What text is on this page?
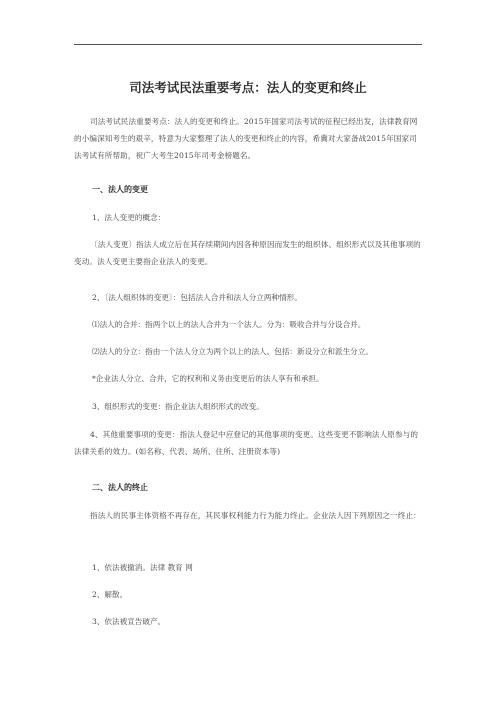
司法考试民法重要考点：法人的变更和终止
司法考试民法重要考点：法人的变更和终止。2015年国家司法考试的征程已经出发，法律教育网的小编深知考生的艰辛，特意为大家整理了法人的变更和终止的内容，希冀对大家备战2015年国家司法考试有所帮助，祝广大考生2015年司考金榜题名。
一、法人的变更
1、法人变更的概念：
〔法人变更〕指法人成立后在其存续期间内因各种原因而发生的组织体、组织形式以及其他事项的变动。法人变更主要指企业法人的变更。
2、〔法人组织体的变更〕：包括法人合并和法人分立两种情形。
⑴法人的合并：指两个以上的法人合并为一个法人。分为：吸收合并与分设合并。
⑵法人的分立：指由一个法人分立为两个以上的法人。包括：新设分立和派生分立。
*企业法人分立、合并，它的权利和义务由变更后的法人享有和承担。
3、组织形式的变更：指企业法人组织形式的改变。
4、其他重要事项的变更：指法人登记中应登记的其他事项的变更。这些变更不影响法人原参与的法律关系的效力。(如名称、代表、场所、住所、注册资本等)
二、法人的终止
指法人的民事主体资格不再存在，其民事权利能力行为能力终止。企业法人因下列原因之一终止：
1、依法被撤消。法律 教育 网
2、解散。
3、依法被宣告破产。
